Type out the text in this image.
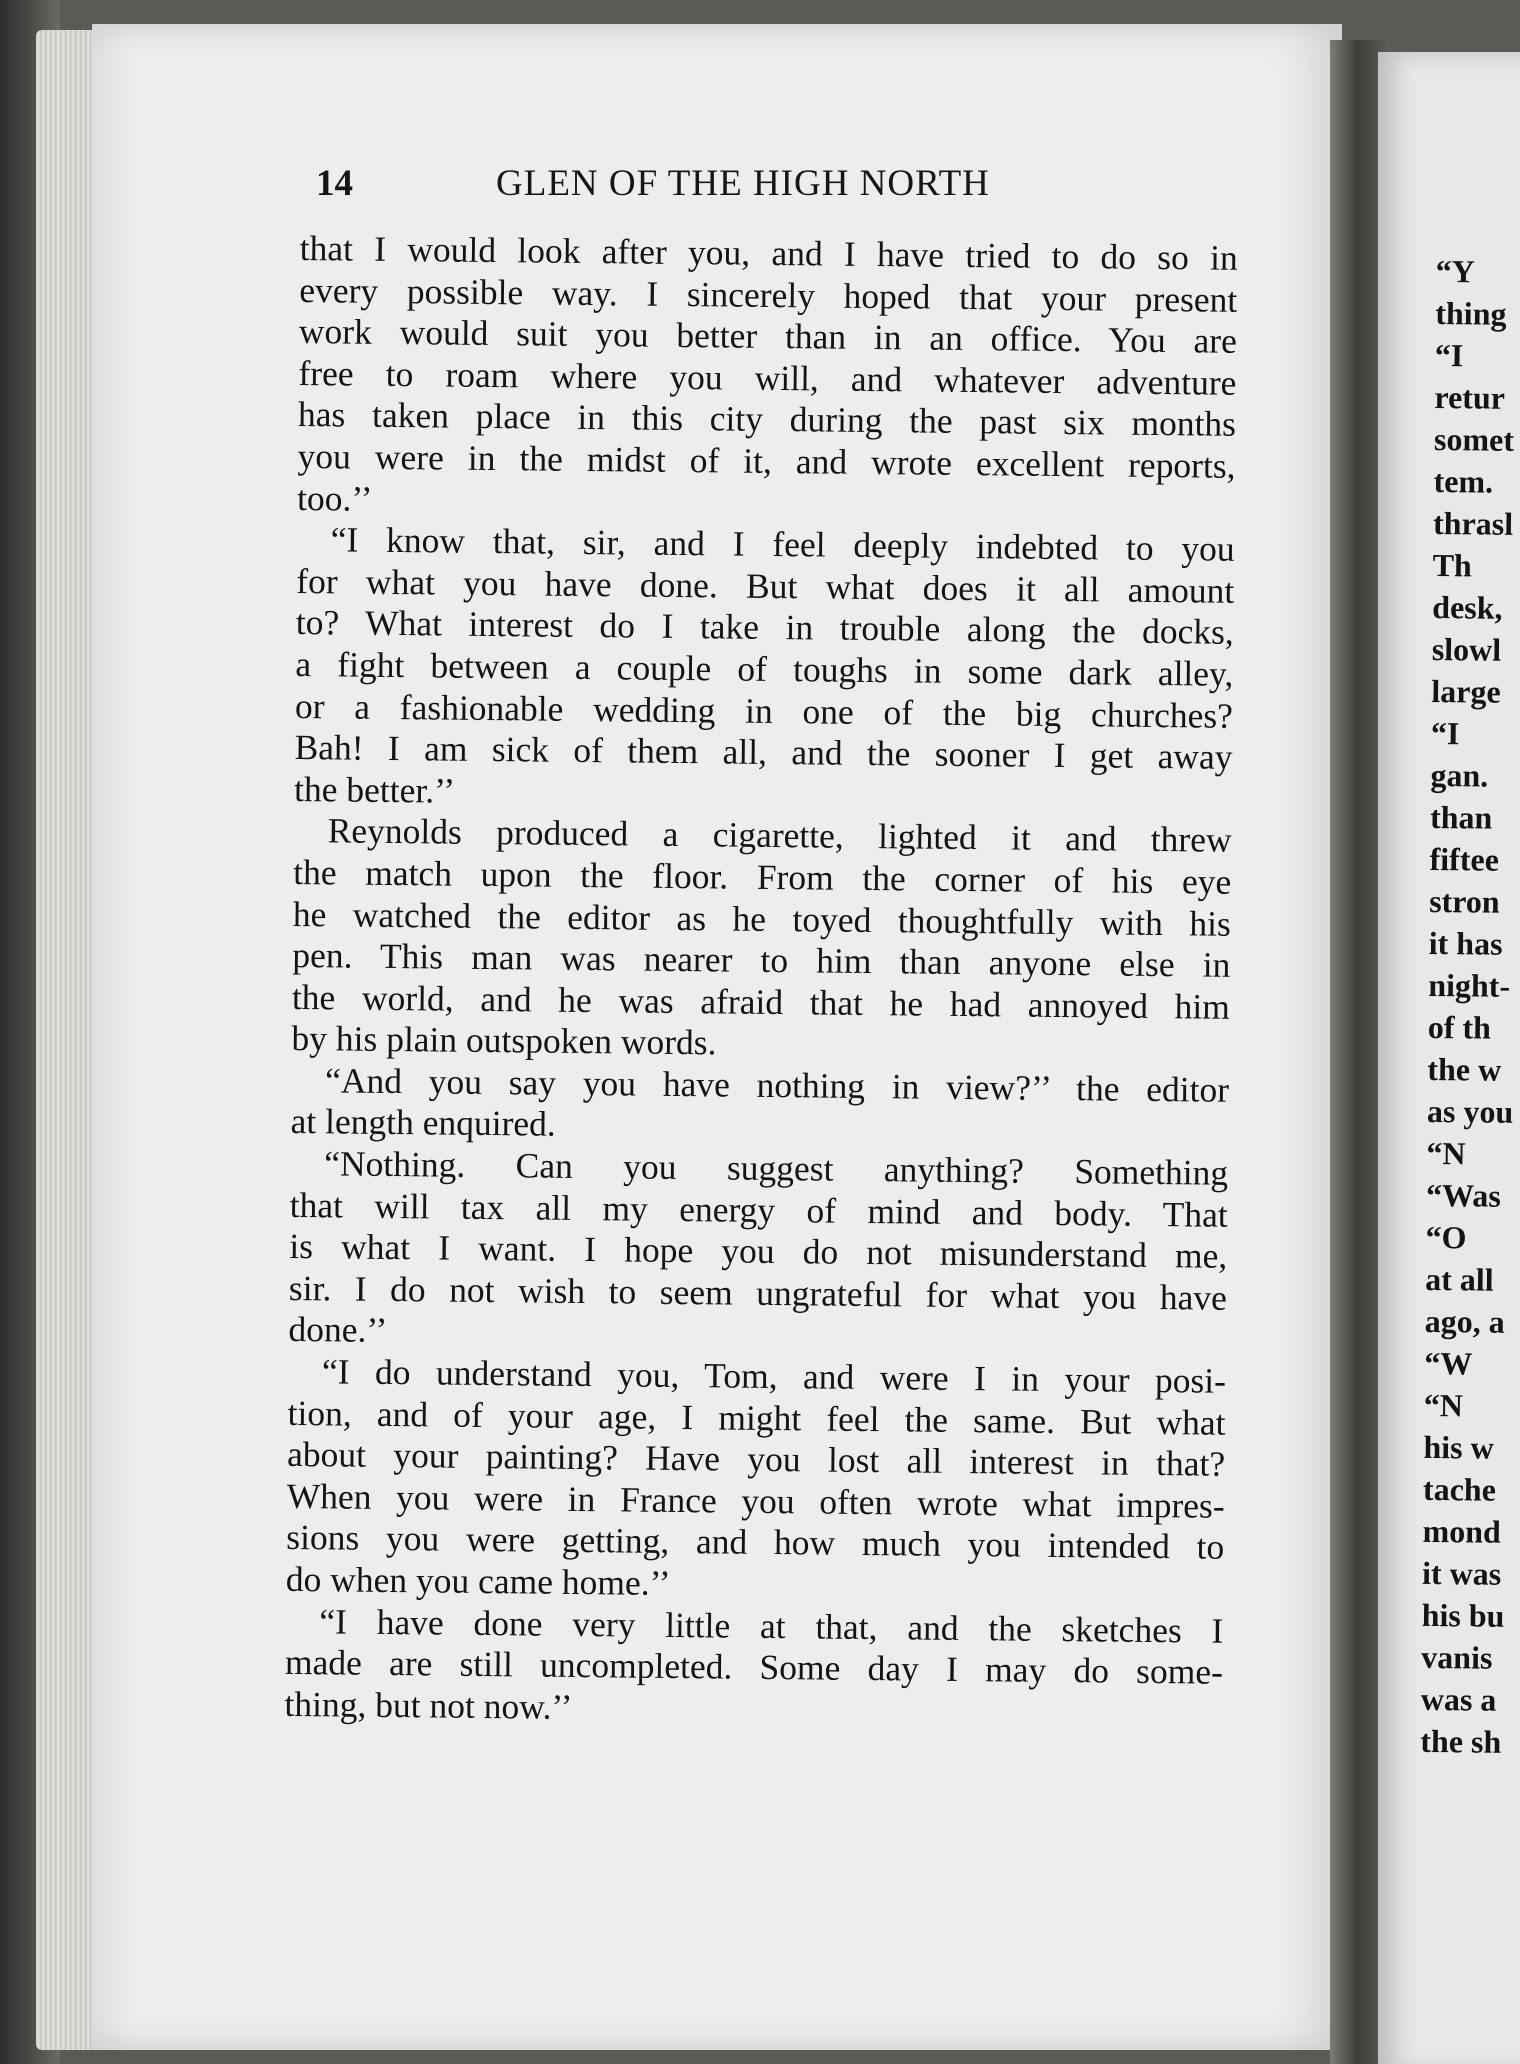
14	GLEN OF THE HIGH NORTH
that I would look after you, and I have tried to do so in
every possible way. I sincerely hoped that your present
work would suit you better than in an office. You are
free to roam where you will, and whatever adventure
has taken place in this city during the past six months
you were in the midst of it, and wrote excellent reports,
too.’’
“I know that, sir, and I feel deeply indebted to you
for what you have done. But what does it all amount
to? What interest do I take in trouble along the docks,
a fight between a couple of toughs in some dark alley,
or a fashionable wedding in one of the big churches?
Bah! I am sick of them all, and the sooner I get away
the better.’’
Reynolds produced a cigarette, lighted it and threw
the match upon the floor. From the corner of his eye
he watched the editor as he toyed thoughtfully with his
pen. This man was nearer to him than anyone else in
the world, and he was afraid that he had annoyed him
by his plain outspoken words.
“And you say you have nothing in view?’’ the editor
at length enquired.
“Nothing. Can you suggest anything? Something
that will tax all my energy of mind and body. That
is what I want. I hope you do not misunderstand me,
sir. I do not wish to seem ungrateful for what you have
done.’’
“I do understand you, Tom, and were I in your posi-
tion, and of your age, I might feel the same. But what
about your painting? Have you lost all interest in that?
When you were in France you often wrote what impres-
sions you were getting, and how much you intended to
do when you came home.’’
“I have done very little at that, and the sketches I
made are still uncompleted. Some day I may do some-
thing, but not now.’’
“Y
thing
“I
retur
somet
tem.
thrasl
Th
desk,
slowl
large
“I
gan.
than
fiftee
stron
it has
night-
of th
the w
as you
“N
“Was
“O
at all
ago, a
“W
“N
his w
tache
mond
it was
his bu
vanis
was a
the sh
